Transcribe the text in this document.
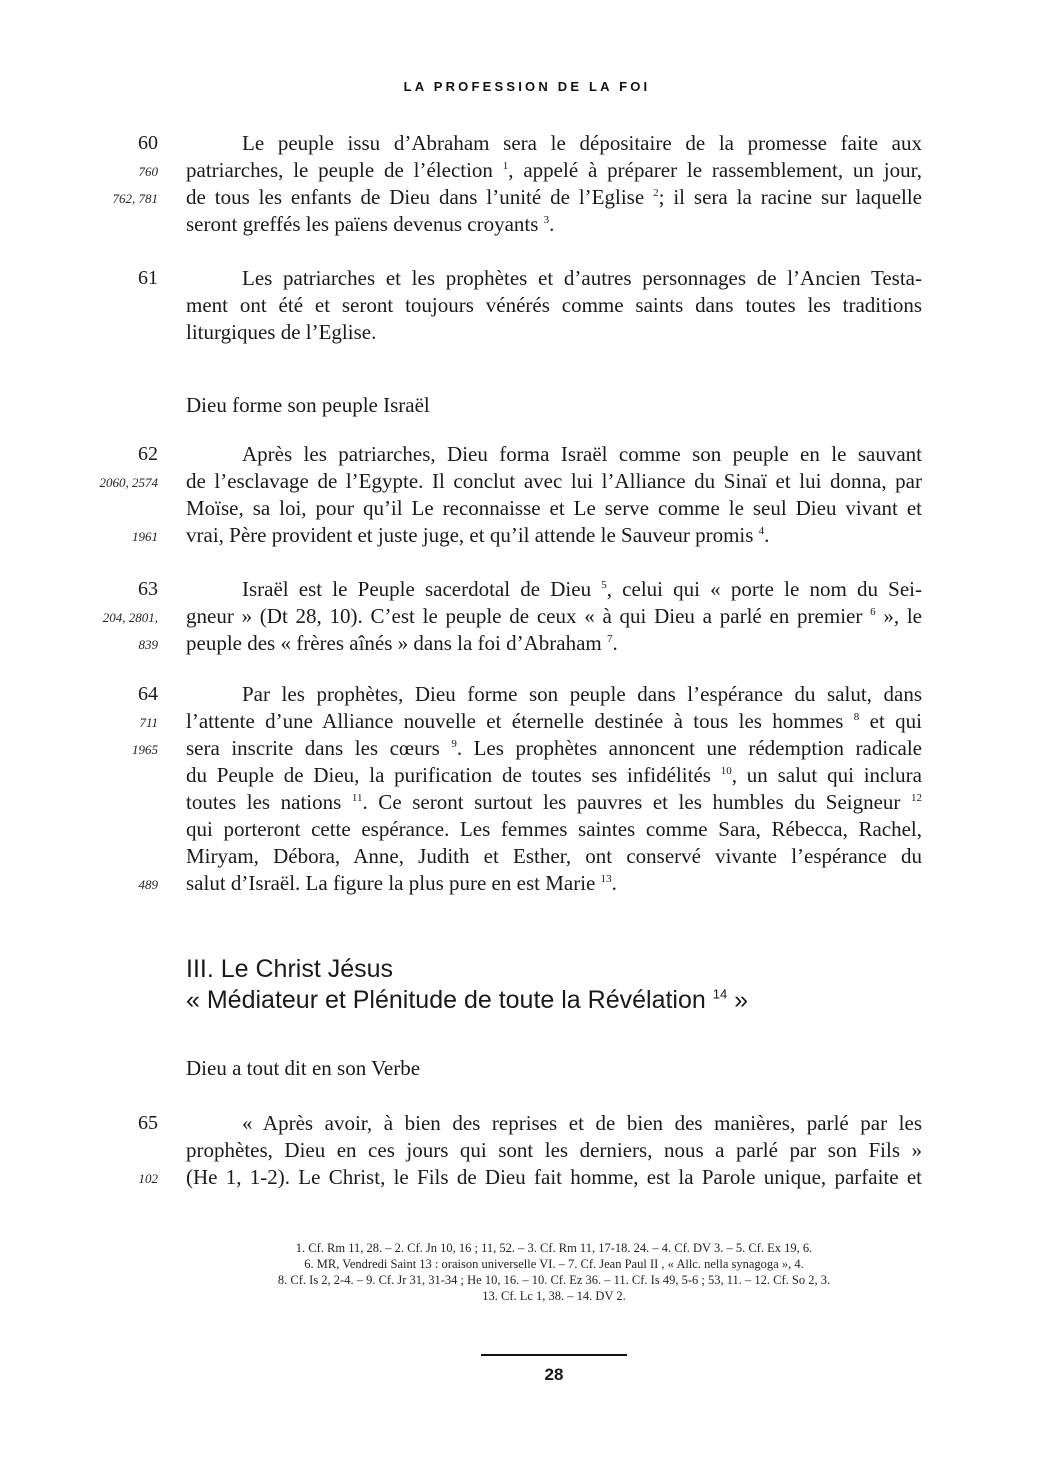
LA PROFESSION DE LA FOI
60	Le peuple issu d’Abraham sera le dépositaire de la promesse faite aux
760 patriarches, le peuple de l’élection $^1$, appelé à préparer le rassemblement, un jour,
762, 781 de tous les enfants de Dieu dans l’unité de l’Eglise $^2$; il sera la racine sur laquelle
seront greffés les païens devenus croyants $^3$.
61	Les patriarches et les prophètes et d’autres personnages de l’Ancien Testa-
ment ont été et seront toujours vénérés comme saints dans toutes les traditions
liturgiques de l’Eglise.
Dieu forme son peuple Israël
62	Après les patriarches, Dieu forma Israël comme son peuple en le sauvant
2060, 2574 de l’esclavage de l’Egypte. Il conclut avec lui l’Alliance du Sinaï et lui donna, par
Moïse, sa loi, pour qu’il Le reconnaisse et Le serve comme le seul Dieu vivant et
1961 vrai, Père provident et juste juge, et qu’il attende le Sauveur promis $^4$.
63	Israël est le Peuple sacerdotal de Dieu $^5$, celui qui « porte le nom du Sei-
204, 2801, gneur » (Dt 28, 10). C’est le peuple de ceux « à qui Dieu a parlé en premier $^6$ », le
839 peuple des « frères aînés » dans la foi d’Abraham $^7$.
64	Par les prophètes, Dieu forme son peuple dans l’espérance du salut, dans
711 l’attente d’une Alliance nouvelle et éternelle destinée à tous les hommes $^8$ et qui
1965 sera inscrite dans les cœurs $^9$. Les prophètes annoncent une rédemption radicale
du Peuple de Dieu, la purification de toutes ses infidélités $^{10}$, un salut qui inclura
toutes les nations $^{11}$. Ce seront surtout les pauvres et les humbles du Seigneur $^{12}$
qui porteront cette espérance. Les femmes saintes comme Sara, Rébecca, Rachel,
Miryam, Débora, Anne, Judith et Esther, ont conservé vivante l’espérance du
489 salut d’Israël. La figure la plus pure en est Marie $^{13}$.
III. Le Christ Jésus
« Médiateur et Plénitude de toute la Révélation $^{14}$ »
Dieu a tout dit en son Verbe
65	« Après avoir, à bien des reprises et de bien des manières, parlé par les
prophètes, Dieu en ces jours qui sont les derniers, nous a parlé par son Fils »
102 (He 1, 1-2). Le Christ, le Fils de Dieu fait homme, est la Parole unique, parfaite et
1. Cf. Rm 11, 28. – 2. Cf. Jn 10, 16 ; 11, 52. – 3. Cf. Rm 11, 17-18. 24. – 4. Cf. DV 3. – 5. Cf. Ex 19, 6.
6. MR, Vendredi Saint 13 : oraison universelle VI. – 7. Cf. Jean Paul II , « Allc. nella synagoga », 4.
8. Cf. Is 2, 2-4. – 9. Cf. Jr 31, 31-34 ; He 10, 16. – 10. Cf. Ez 36. – 11. Cf. Is 49, 5-6 ; 53, 11. – 12. Cf. So 2, 3.
13. Cf. Lc 1, 38. – 14. DV 2.
28
